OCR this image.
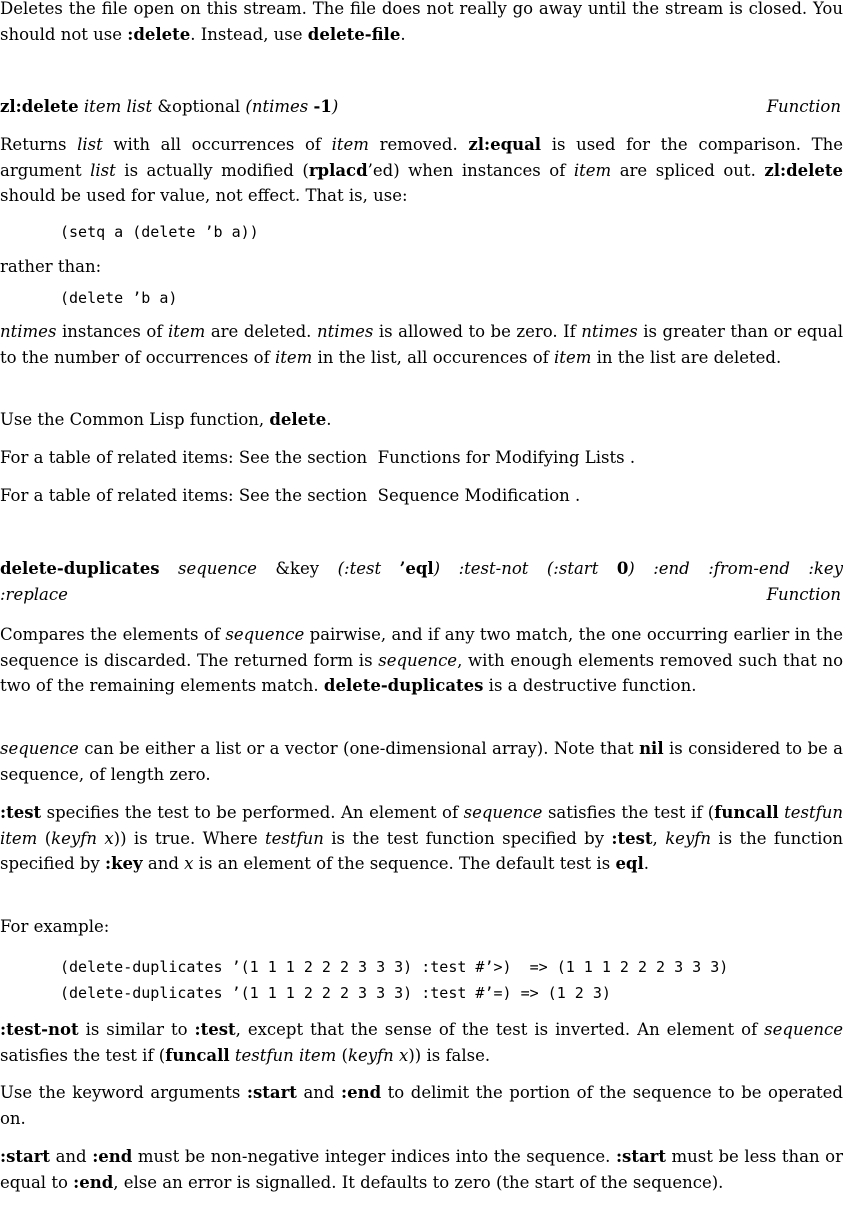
Deletes the file open on this stream. The file does not really go away until the stream is closed. You should not use :delete. Instead, use delete-file.

zl:delete item list &optional (ntimes -1)	Function

Returns list with all occurrences of item removed. zl:equal is used for the comparison. The argument list is actually modified (rplacd’ed) when instances of item are spliced out. zl:delete should be used for value, not effect. That is, use:

(setq a (delete ’b a))

rather than:

(delete ’b a)

ntimes instances of item are deleted. ntimes is allowed to be zero. If ntimes is greater than or equal to the number of occurrences of item in the list, all occurences of item in the list are deleted.

Use the Common Lisp function, delete.

For a table of related items: See the section Functions for Modifying Lists .

For a table of related items: See the section Sequence Modification .

delete-duplicates sequence &key (:test ’eql) :test-not (:start 0) :end :from-end :key
:replace	Function

Compares the elements of sequence pairwise, and if any two match, the one occurring earlier in the sequence is discarded. The returned form is sequence, with enough elements removed such that no two of the remaining elements match. delete-duplicates is a destructive function.

sequence can be either a list or a vector (one-dimensional array). Note that nil is considered to be a sequence, of length zero.

:test specifies the test to be performed. An element of sequence satisfies the test if (funcall testfun item (keyfn x)) is true. Where testfun is the test function specified by :test, keyfn is the function specified by :key and x is an element of the sequence. The default test is eql.

For example:

(delete-duplicates ’(1 1 1 2 2 2 3 3 3) :test #’>)  => (1 1 1 2 2 2 3 3 3)
(delete-duplicates ’(1 1 1 2 2 2 3 3 3) :test #’=) => (1 2 3)

:test-not is similar to :test, except that the sense of the test is inverted. An element of sequence satisfies the test if (funcall testfun item (keyfn x)) is false.

Use the keyword arguments :start and :end to delimit the portion of the sequence to be operated on.

:start and :end must be non-negative integer indices into the sequence. :start must be less than or equal to :end, else an error is signalled. It defaults to zero (the start of the sequence).
